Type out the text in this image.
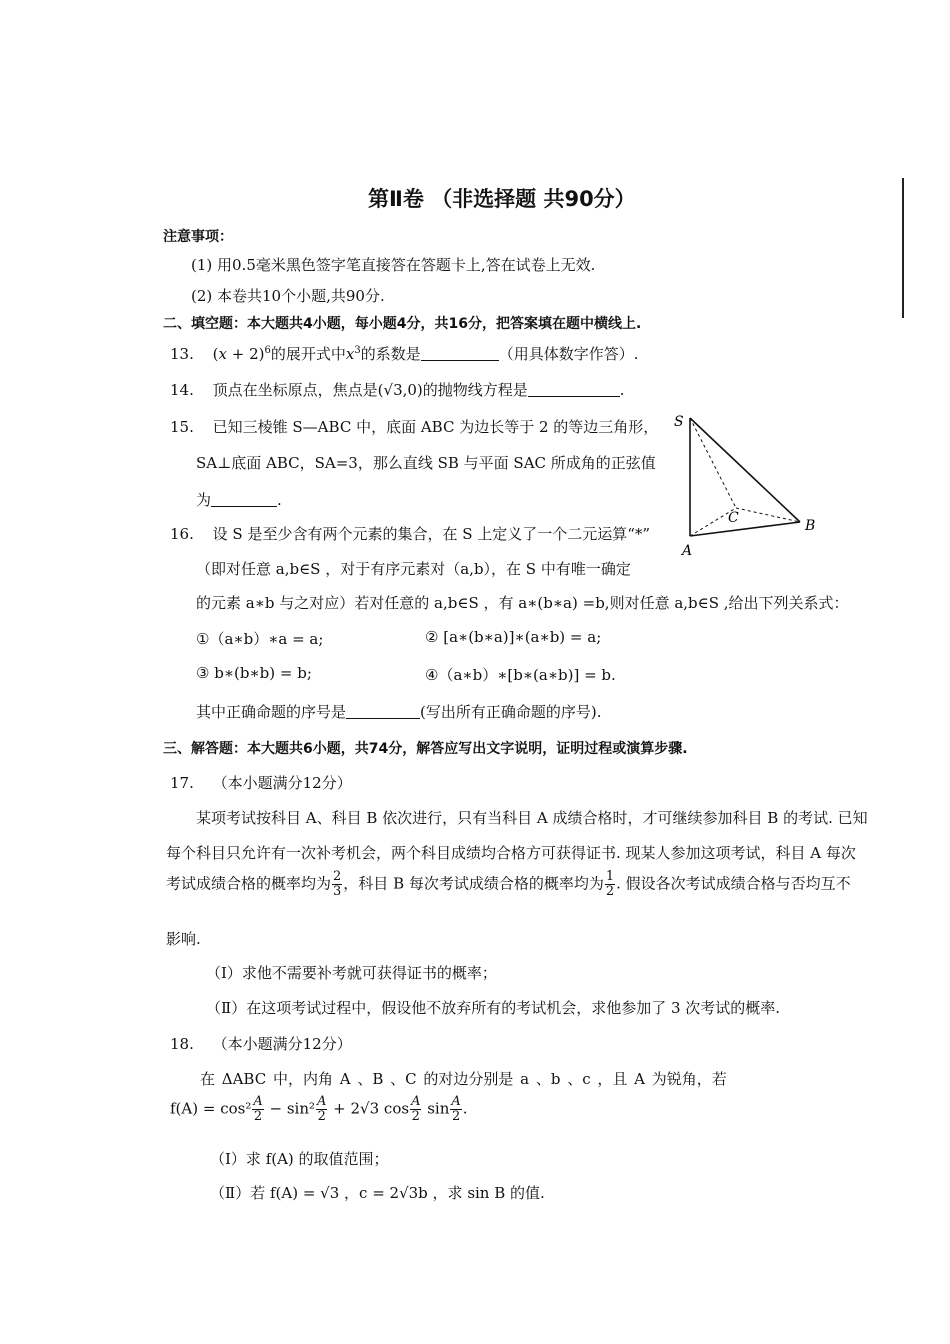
第Ⅱ卷 （非选择题 共90分）
注意事项：
(1) 用0.5毫米黑色签字笔直接答在答题卡上,答在试卷上无效.
(2) 本卷共10个小题,共90分.
二、填空题：本大题共4小题，每小题4分，共16分，把答案填在题中横线上.
13. $(x + 2)^6$的展开式中$x^3$的系数是	（用具体数字作答）.
14. 顶点在坐标原点，焦点是(√3,0)的抛物线方程是	.
15. 已知三棱锥 S—ABC 中，底面 ABC 为边长等于 2 的等边三角形，
SA⊥底面 ABC，SA=3，那么直线 SB 与平面 SAC 所成角的正弦值
为	.
S
A
B
C
16. 设 S 是至少含有两个元素的集合，在 S 上定义了一个二元运算“*”
（即对任意 a,b∈S ，对于有序元素对（a,b），在 S 中有唯一确定
的元素 a∗b 与之对应）若对任意的 a,b∈S ，有 a∗(b∗a) =b,则对任意 a,b∈S ,给出下列关系式：
①（a∗b）∗a = a;	② [a∗(b∗a)]∗(a∗b) = a;
③ b∗(b∗b) = b;	④（a∗b）∗[b∗(a∗b)] = b.
其中正确命题的序号是	(写出所有正确命题的序号).
三、解答题：本大题共6小题，共74分，解答应写出文字说明，证明过程或演算步骤.
17. （本小题满分12分）
某项考试按科目 A、科目 B 依次进行，只有当科目 A 成绩合格时，才可继续参加科目 B 的考试. 已知
每个科目只允许有一次补考机会，两个科目成绩均合格方可获得证书. 现某人参加这项考试，科目 A 每次
考试成绩合格的概率均为 $\frac{2}{3}$ ，科目 B 每次考试成绩合格的概率均为 $\frac{1}{2}$ . 假设各次考试成绩合格与否均互不
影响.
（Ⅰ）求他不需要补考就可获得证书的概率；
（Ⅱ）在这项考试过程中，假设他不放弃所有的考试机会，求他参加了 3 次考试的概率.
18. （本小题满分12分）
在 ΔABC 中，内角 A 、B 、C 的对边分别是 a 、b 、c ，且 A 为锐角，若
$f(A) = \cos^2 \frac{A}{2} - \sin^2 \frac{A}{2} + 2√3$ $\cos \frac{A}{2}$ $\sin \frac{A}{2}$ .
（Ⅰ）求 f(A) 的取值范围；
（Ⅱ）若 f(A) = √3 ，c = 2√3b ，求 sin B 的值.
